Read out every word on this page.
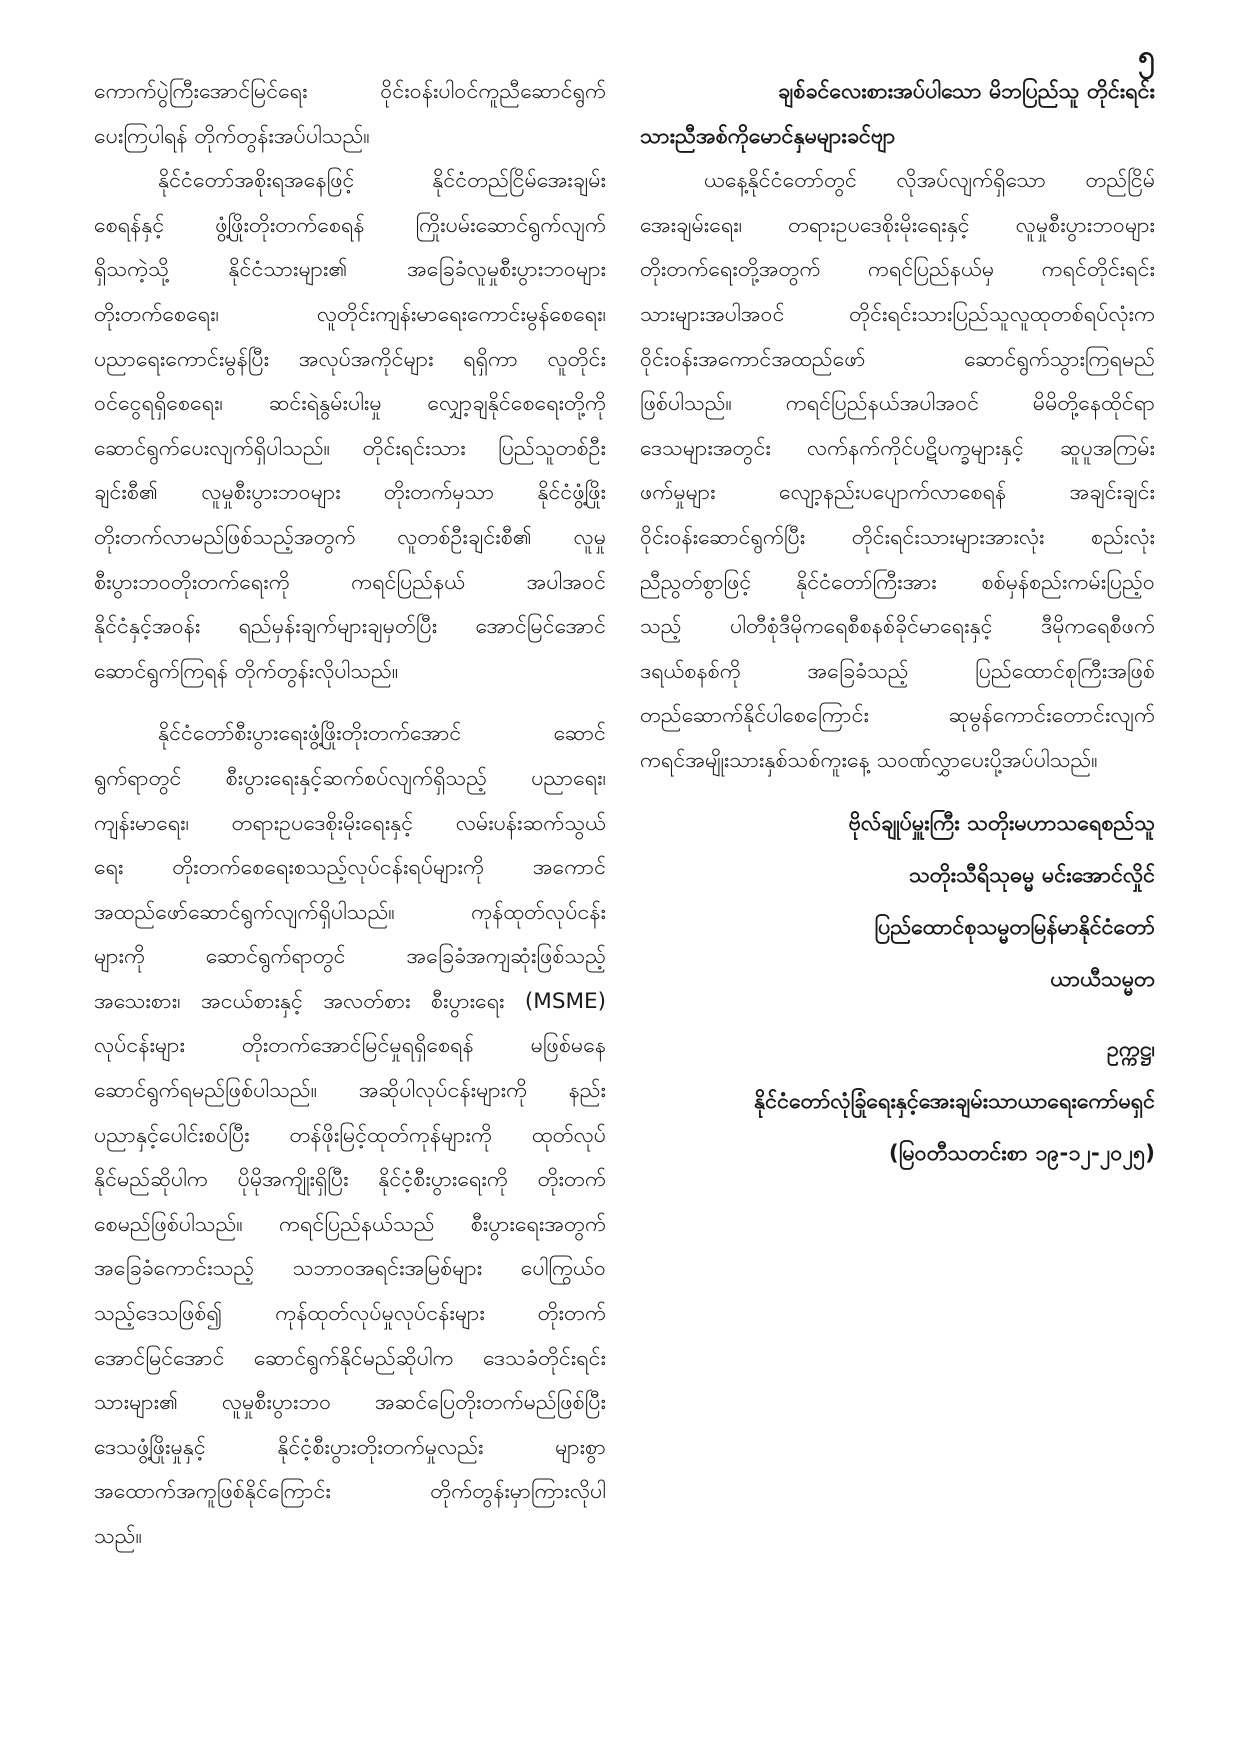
၅
ကောက်ပွဲကြီးအောင်မြင်ရေး ဝိုင်းဝန်းပါဝင်ကူညီဆောင်ရွက်
ပေးကြပါရန် တိုက်တွန်းအပ်ပါသည်။
နိုင်ငံတော်အစိုးရအနေဖြင့် နိုင်ငံတည်ငြိမ်အေးချမ်း
စေရန်နှင့် ဖွံ့ဖြိုးတိုးတက်စေရန် ကြိုးပမ်းဆောင်ရွက်လျက်
ရှိသကဲ့သို့ နိုင်ငံသားများ၏ အခြေခံလူမှုစီးပွားဘဝများ
တိုးတက်စေရေး၊ လူတိုင်းကျန်းမာရေးကောင်းမွန်စေရေး၊
ပညာရေးကောင်းမွန်ပြီး အလုပ်အကိုင်များ ရရှိကာ လူတိုင်း
ဝင်ငွေရရှိစေရေး၊ ဆင်းရဲနွမ်းပါးမှု လျှော့ချနိုင်စေရေးတို့ကို
ဆောင်ရွက်ပေးလျက်ရှိပါသည်။ တိုင်းရင်းသား ပြည်သူတစ်ဦး
ချင်းစီ၏ လူမှုစီးပွားဘဝများ တိုးတက်မှသာ နိုင်ငံဖွံ့ဖြိုး
တိုးတက်လာမည်ဖြစ်သည့်အတွက် လူတစ်ဦးချင်းစီ၏ လူမှု
စီးပွားဘဝတိုးတက်ရေးကို ကရင်ပြည်နယ် အပါအဝင်
နိုင်ငံနှင့်အဝန်း ရည်မှန်းချက်များချမှတ်ပြီး အောင်မြင်အောင်
ဆောင်ရွက်ကြရန် တိုက်တွန်းလိုပါသည်။
နိုင်ငံတော်စီးပွားရေးဖွံ့ဖြိုးတိုးတက်အောင် ဆောင်
ရွက်ရာတွင် စီးပွားရေးနှင့်ဆက်စပ်လျက်ရှိသည့် ပညာရေး၊
ကျန်းမာရေး၊ တရားဥပဒေစိုးမိုးရေးနှင့် လမ်းပန်းဆက်သွယ်
ရေး တိုးတက်စေရေးစသည့်လုပ်ငန်းရပ်များကို အကောင်
အထည်ဖော်ဆောင်ရွက်လျက်ရှိပါသည်။ ကုန်ထုတ်လုပ်ငန်း
များကို ဆောင်ရွက်ရာတွင် အခြေခံအကျဆုံးဖြစ်သည့်
အသေးစား၊ အငယ်စားနှင့် အလတ်စား စီးပွားရေး (MSME)
လုပ်ငန်းများ တိုးတက်အောင်မြင်မှုရရှိစေရန် မဖြစ်မနေ
ဆောင်ရွက်ရမည်ဖြစ်ပါသည်။ အဆိုပါလုပ်ငန်းများကို နည်း
ပညာနှင့်ပေါင်းစပ်ပြီး တန်ဖိုးမြင့်ထုတ်ကုန်များကို ထုတ်လုပ်
နိုင်မည်ဆိုပါက ပိုမိုအကျိုးရှိပြီး နိုင်ငံ့စီးပွားရေးကို တိုးတက်
စေမည်ဖြစ်ပါသည်။ ကရင်ပြည်နယ်သည် စီးပွားရေးအတွက်
အခြေခံကောင်းသည့် သဘာဝအရင်းအမြစ်များ ပေါကြွယ်ဝ
သည့်ဒေသဖြစ်၍ ကုန်ထုတ်လုပ်မှုလုပ်ငန်းများ တိုးတက်
အောင်မြင်အောင် ဆောင်ရွက်နိုင်မည်ဆိုပါက ဒေသခံတိုင်းရင်း
သားများ၏ လူမှုစီးပွားဘဝ အဆင်ပြေတိုးတက်မည်ဖြစ်ပြီး
ဒေသဖွံ့ဖြိုးမှုနှင့် နိုင်ငံ့စီးပွားတိုးတက်မှုလည်း များစွာ
အထောက်အကူဖြစ်နိုင်ကြောင်း တိုက်တွန်းမှာကြားလိုပါ
သည်။
ချစ်ခင်လေးစားအပ်ပါသော မိဘပြည်သူ တိုင်းရင်း
သားညီအစ်ကိုမောင်နှမများခင်ဗျာ
ယနေ့နိုင်ငံတော်တွင် လိုအပ်လျက်ရှိသော တည်ငြိမ်
အေးချမ်းရေး၊ တရားဥပဒေစိုးမိုးရေးနှင့် လူမှုစီးပွားဘဝများ
တိုးတက်ရေးတို့အတွက် ကရင်ပြည်နယ်မှ ကရင်တိုင်းရင်း
သားများအပါအဝင် တိုင်းရင်းသားပြည်သူလူထုတစ်ရပ်လုံးက
ဝိုင်းဝန်းအကောင်အထည်ဖော် ဆောင်ရွက်သွားကြရမည်
ဖြစ်ပါသည်။ ကရင်ပြည်နယ်အပါအဝင် မိမိတို့နေထိုင်ရာ
ဒေသများအတွင်း လက်နက်ကိုင်ပဋိပက္ခများနှင့် ဆူပူအကြမ်း
ဖက်မှုများ လျော့နည်းပပျောက်လာစေရန် အချင်းချင်း
ဝိုင်းဝန်းဆောင်ရွက်ပြီး တိုင်းရင်းသားများအားလုံး စည်းလုံး
ညီညွတ်စွာဖြင့် နိုင်ငံတော်ကြီးအား စစ်မှန်စည်းကမ်းပြည့်ဝ
သည့် ပါတီစုံဒီမိုကရေစီစနစ်ခိုင်မာရေးနှင့် ဒီမိုကရေစီဖက်
ဒရယ်စနစ်ကို အခြေခံသည့် ပြည်ထောင်စုကြီးအဖြစ်
တည်ဆောက်နိုင်ပါစေကြောင်း ဆုမွန်ကောင်းတောင်းလျက်
ကရင်အမျိုးသားနှစ်သစ်ကူးနေ့ သဝဏ်လွှာပေးပို့အပ်ပါသည်။
ဗိုလ်ချုပ်မှူးကြီး သတိုးမဟာသရေစည်သူ
သတိုးသီရိသုဓမ္မ မင်းအောင်လှိုင်
ပြည်ထောင်စုသမ္မတမြန်မာနိုင်ငံတော်
ယာယီသမ္မတ
ဥက္ကဋ္ဌ၊
နိုင်ငံတော်လုံခြုံရေးနှင့်အေးချမ်းသာယာရေးကော်မရှင်
(မြဝတီသတင်းစာ ၁၉-၁၂-၂၀၂၅)
